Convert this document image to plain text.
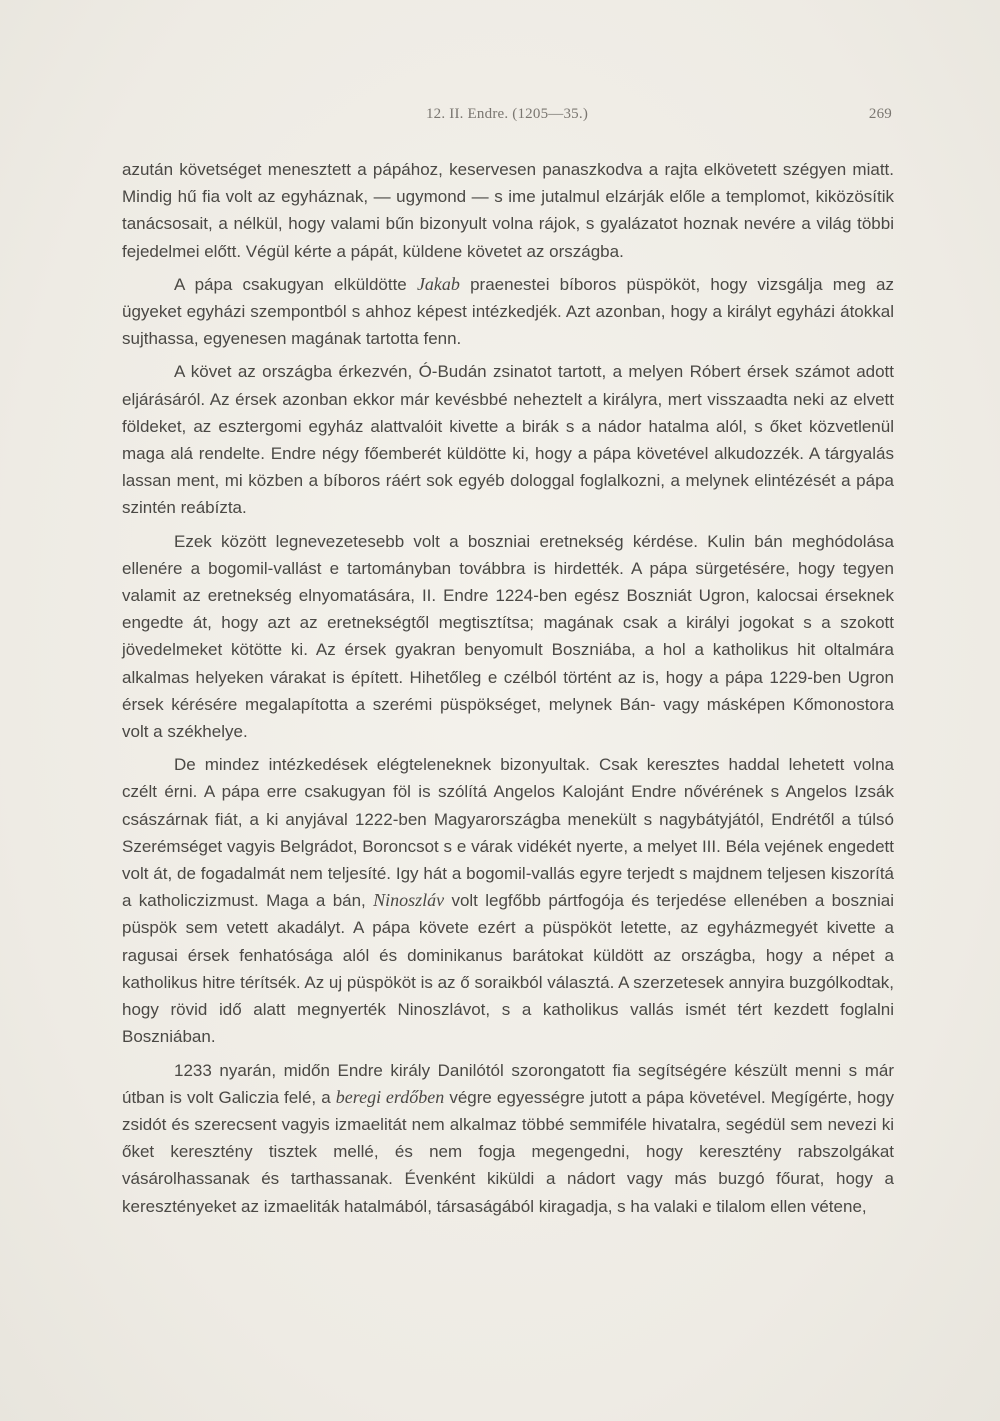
12. II. Endre. (1205—35.)	269

azután követséget menesztett a pápához, keservesen panaszkodva a rajta elkövetett szégyen miatt. Mindig hű fia volt az egyháznak, — ugymond — s ime jutalmul elzárják előle a templomot, kiközösítik tanácsosait, a nélkül, hogy valami bűn bizonyult volna rájok, s gyalázatot hoznak nevére a világ többi fejedelmei előtt. Végül kérte a pápát, küldene követet az országba.

A pápa csakugyan elküldötte Jakab praenestei bíboros püspököt, hogy vizsgálja meg az ügyeket egyházi szempontból s ahhoz képest intézkedjék. Azt azonban, hogy a királyt egyházi átokkal sujthassa, egyenesen magának tartotta fenn.

A követ az országba érkezvén, Ó-Budán zsinatot tartott, a melyen Róbert érsek számot adott eljárásáról. Az érsek azonban ekkor már kevésbbé neheztelt a királyra, mert visszaadta neki az elvett földeket, az esztergomi egyház alattvalóit kivette a birák s a nádor hatalma alól, s őket közvetlenül maga alá rendelte. Endre négy főemberét küldötte ki, hogy a pápa követével alkudozzék. A tárgyalás lassan ment, mi közben a bíboros ráért sok egyéb dologgal foglalkozni, a melynek elintézését a pápa szintén reábízta.

Ezek között legnevezetesebb volt a boszniai eretnekség kérdése. Kulin bán meghódolása ellenére a bogomil-vallást e tartományban továbbra is hirdették. A pápa sürgetésére, hogy tegyen valamit az eretnekség elnyomatására, II. Endre 1224-ben egész Boszniát Ugron, kalocsai érseknek engedte át, hogy azt az eretnekségtől megtisztítsa; magának csak a királyi jogokat s a szokott jövedelmeket kötötte ki. Az érsek gyakran benyomult Boszniába, a hol a katholikus hit oltalmára alkalmas helyeken várakat is épített. Hihetőleg e czélból történt az is, hogy a pápa 1229-ben Ugron érsek kérésére megalapította a szerémi püspökséget, melynek Bán- vagy másképen Kőmonostora volt a székhelye.

De mindez intézkedések elégteleneknek bizonyultak. Csak keresztes haddal lehetett volna czélt érni. A pápa erre csakugyan föl is szólítá Angelos Kalojánt Endre nővérének s Angelos Izsák császárnak fiát, a ki anyjával 1222-ben Magyarországba menekült s nagybátyjától, Endrétől a túlsó Szerémséget vagyis Belgrádot, Boroncsot s e várak vidékét nyerte, a melyet III. Béla vejének engedett volt át, de fogadalmát nem teljesíté. Igy hát a bogomil-vallás egyre terjedt s majdnem teljesen kiszorítá a katholiczizmust. Maga a bán, Ninoszláv volt legfőbb pártfogója és terjedése ellenében a boszniai püspök sem vetett akadályt. A pápa követe ezért a püspököt letette, az egyházmegyét kivette a ragusai érsek fenhatósága alól és dominikanus barátokat küldött az országba, hogy a népet a katholikus hitre térítsék. Az uj püspököt is az ő soraikból választá. A szerzetesek annyira buzgólkodtak, hogy rövid idő alatt megnyerték Ninoszlávot, s a katholikus vallás ismét tért kezdett foglalni Boszniában.

1233 nyarán, midőn Endre király Danilótól szorongatott fia segítségére készült menni s már útban is volt Galiczia felé, a beregi erdőben végre egyességre jutott a pápa követével. Megígérte, hogy zsidót és szerecsent vagyis izmaelitát nem alkalmaz többé semmiféle hivatalra, segédül sem nevezi ki őket keresztény tisztek mellé, és nem fogja megengedni, hogy keresztény rabszolgákat vásárolhassanak és tarthassanak. Évenként kiküldi a nádort vagy más buzgó főurat, hogy a keresztényeket az izmaeliták hatalmából, társaságából kiragadja, s ha valaki e tilalom ellen vétene,
